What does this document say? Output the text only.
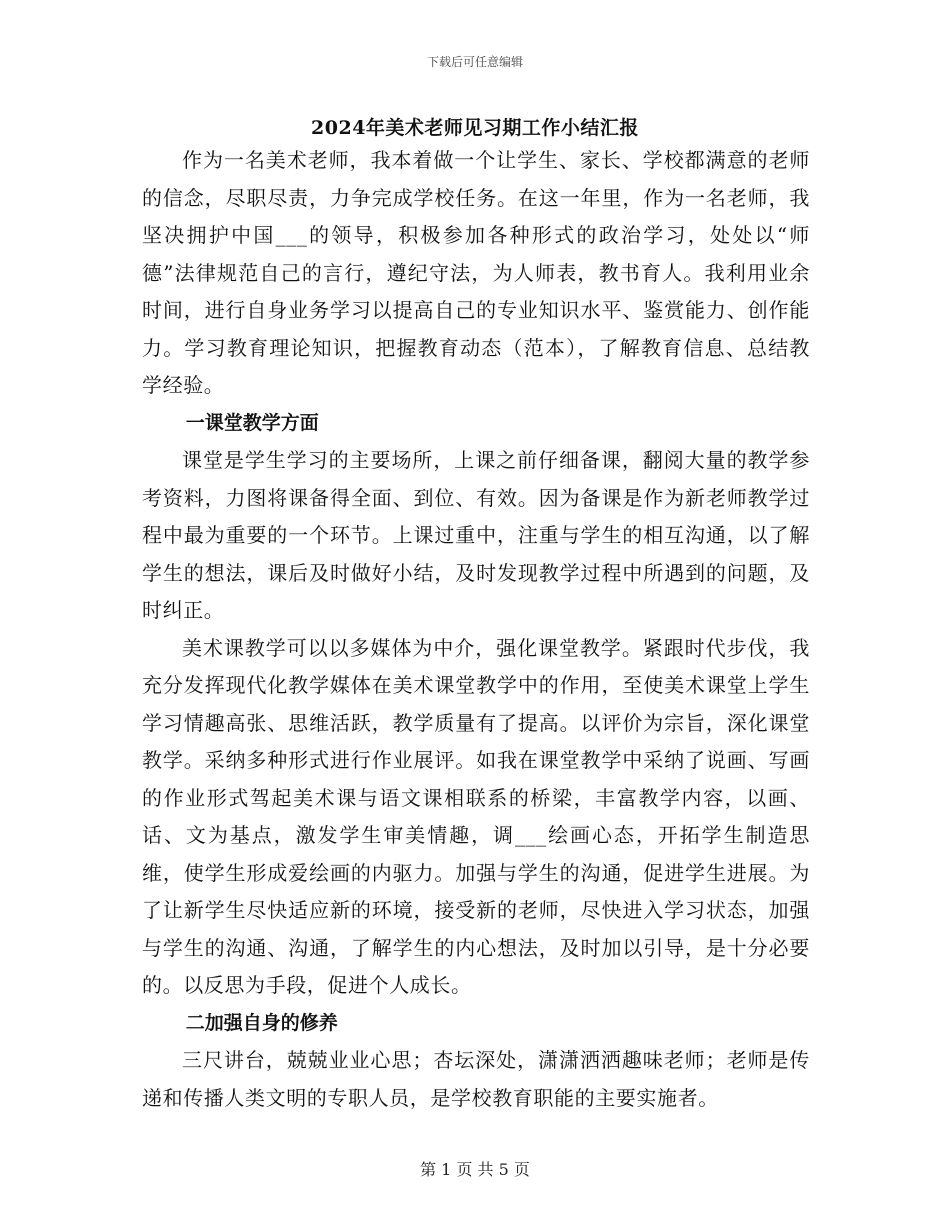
下载后可任意编辑
2024年美术老师见习期工作小结汇报

作为一名美术老师，我本着做一个让学生、家长、学校都满意的老师的信念，尽职尽责，力争完成学校任务。在这一年里，作为一名老师，我坚决拥护中国___的领导，积极参加各种形式的政治学习，处处以“师德”法律规范自己的言行，遵纪守法，为人师表，教书育人。我利用业余时间，进行自身业务学习以提高自己的专业知识水平、鉴赏能力、创作能力。学习教育理论知识，把握教育动态（范本），了解教育信息、总结教学经验。

一课堂教学方面

课堂是学生学习的主要场所，上课之前仔细备课，翻阅大量的教学参考资料，力图将课备得全面、到位、有效。因为备课是作为新老师教学过程中最为重要的一个环节。上课过重中，注重与学生的相互沟通，以了解学生的想法，课后及时做好小结，及时发现教学过程中所遇到的问题，及时纠正。

美术课教学可以以多媒体为中介，强化课堂教学。紧跟时代步伐，我充分发挥现代化教学媒体在美术课堂教学中的作用，至使美术课堂上学生学习情趣高张、思维活跃，教学质量有了提高。以评价为宗旨，深化课堂教学。采纳多种形式进行作业展评。如我在课堂教学中采纳了说画、写画的作业形式驾起美术课与语文课相联系的桥梁，丰富教学内容，以画、话、文为基点，激发学生审美情趣，调___绘画心态，开拓学生制造思维，使学生形成爱绘画的内驱力。加强与学生的沟通，促进学生进展。为了让新学生尽快适应新的环境，接受新的老师，尽快进入学习状态，加强与学生的沟通、沟通，了解学生的内心想法，及时加以引导，是十分必要的。以反思为手段，促进个人成长。

二加强自身的修养

三尺讲台，兢兢业业心思；杏坛深处，潇潇洒洒趣味老师；老师是传递和传播人类文明的专职人员，是学校教育职能的主要实施者。

第 1 页 共 5 页
